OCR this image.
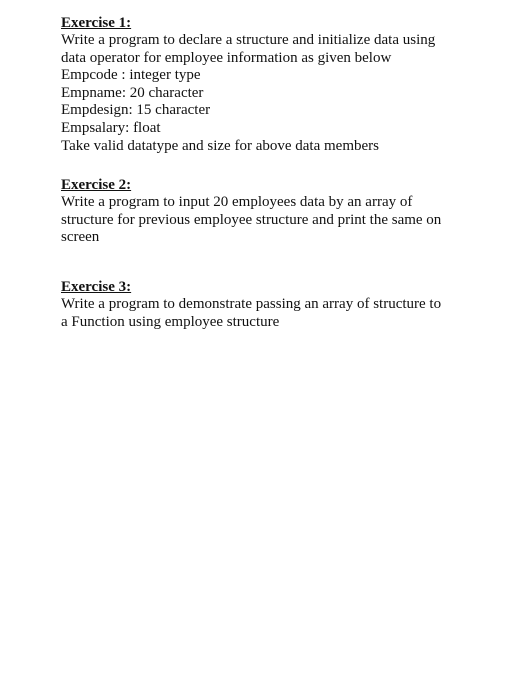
Exercise 1:

Write a program to declare a structure and initialize data using

data operator for employee information as given below

Empcode : integer type

Empname: 20 character

Empdesign: 15 character

Empsalary: float

Take valid datatype and size for above data members

Exercise 2:

Write a program to input 20 employees data by an array of

structure for previous employee structure and print the same on

screen

Exercise 3:

Write a program to demonstrate passing an array of structure to

a Function using employee structure
